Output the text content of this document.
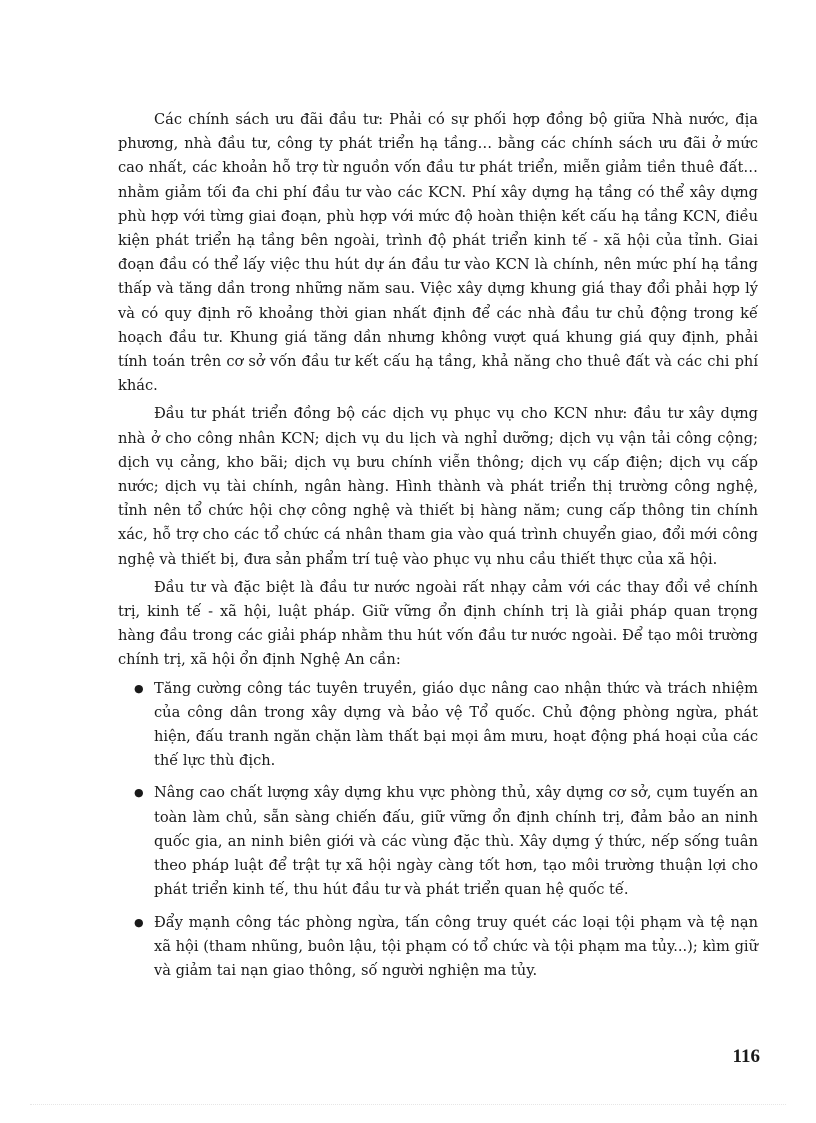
Các chính sách ưu đãi đầu tư: Phải có sự phối hợp đồng bộ giữa Nhà nước, địa phương, nhà đầu tư, công ty phát triển hạ tầng… bằng các chính sách ưu đãi ở mức cao nhất, các khoản hỗ trợ từ nguồn vốn đầu tư phát triển, miễn giảm tiền thuê đất… nhằm giảm tối đa chi phí đầu tư vào các KCN. Phí xây dựng hạ tầng có thể xây dựng phù hợp với từng giai đoạn, phù hợp với mức độ hoàn thiện kết cấu hạ tầng KCN, điều kiện phát triển hạ tầng bên ngoài, trình độ phát triển kinh tế - xã hội của tỉnh. Giai đoạn đầu có thể lấy việc thu hút dự án đầu tư vào KCN là chính, nên mức phí hạ tầng thấp và tăng dần trong những năm sau. Việc xây dựng khung giá thay đổi phải hợp lý và có quy định rõ khoảng thời gian nhất định để các nhà đầu tư chủ động trong kế hoạch đầu tư. Khung giá tăng dần nhưng không vượt quá khung giá quy định, phải tính toán trên cơ sở vốn đầu tư kết cấu hạ tầng, khả năng cho thuê đất và các chi phí khác.

Đầu tư phát triển đồng bộ các dịch vụ phục vụ cho KCN như: đầu tư xây dựng nhà ở cho công nhân KCN; dịch vụ du lịch và nghỉ dưỡng; dịch vụ vận tải công cộng; dịch vụ cảng, kho bãi; dịch vụ bưu chính viễn thông; dịch vụ cấp điện; dịch vụ cấp nước; dịch vụ tài chính, ngân hàng. Hình thành và phát triển thị trường công nghệ, tỉnh nên tổ chức hội chợ công nghệ và thiết bị hàng năm; cung cấp thông tin chính xác, hỗ trợ cho các tổ chức cá nhân tham gia vào quá trình chuyển giao, đổi mới công nghệ và thiết bị, đưa sản phẩm trí tuệ vào phục vụ nhu cầu thiết thực của xã hội.

Đầu tư và đặc biệt là đầu tư nước ngoài rất nhạy cảm với các thay đổi về chính trị, kinh tế - xã hội, luật pháp. Giữ vững ổn định chính trị là giải pháp quan trọng hàng đầu trong các giải pháp nhằm thu hút vốn đầu tư nước ngoài. Để tạo môi trường chính trị, xã hội ổn định Nghệ An cần:

● Tăng cường công tác tuyên truyền, giáo dục nâng cao nhận thức và trách nhiệm của công dân trong xây dựng và bảo vệ Tổ quốc. Chủ động phòng ngừa, phát hiện, đấu tranh ngăn chặn làm thất bại mọi âm mưu, hoạt động phá hoại của các thế lực thù địch.
● Nâng cao chất lượng xây dựng khu vực phòng thủ, xây dựng cơ sở, cụm tuyến an toàn làm chủ, sẵn sàng chiến đấu, giữ vững ổn định chính trị, đảm bảo an ninh quốc gia, an ninh biên giới và các vùng đặc thù. Xây dựng ý thức, nếp sống tuân theo pháp luật để trật tự xã hội ngày càng tốt hơn, tạo môi trường thuận lợi cho phát triển kinh tế, thu hút đầu tư và phát triển quan hệ quốc tế.
● Đẩy mạnh công tác phòng ngừa, tấn công truy quét các loại tội phạm và tệ nạn xã hội (tham nhũng, buôn lậu, tội phạm có tổ chức và tội phạm ma tủy...); kìm giữ và giảm tai nạn giao thông, số người nghiện ma tủy.
116
